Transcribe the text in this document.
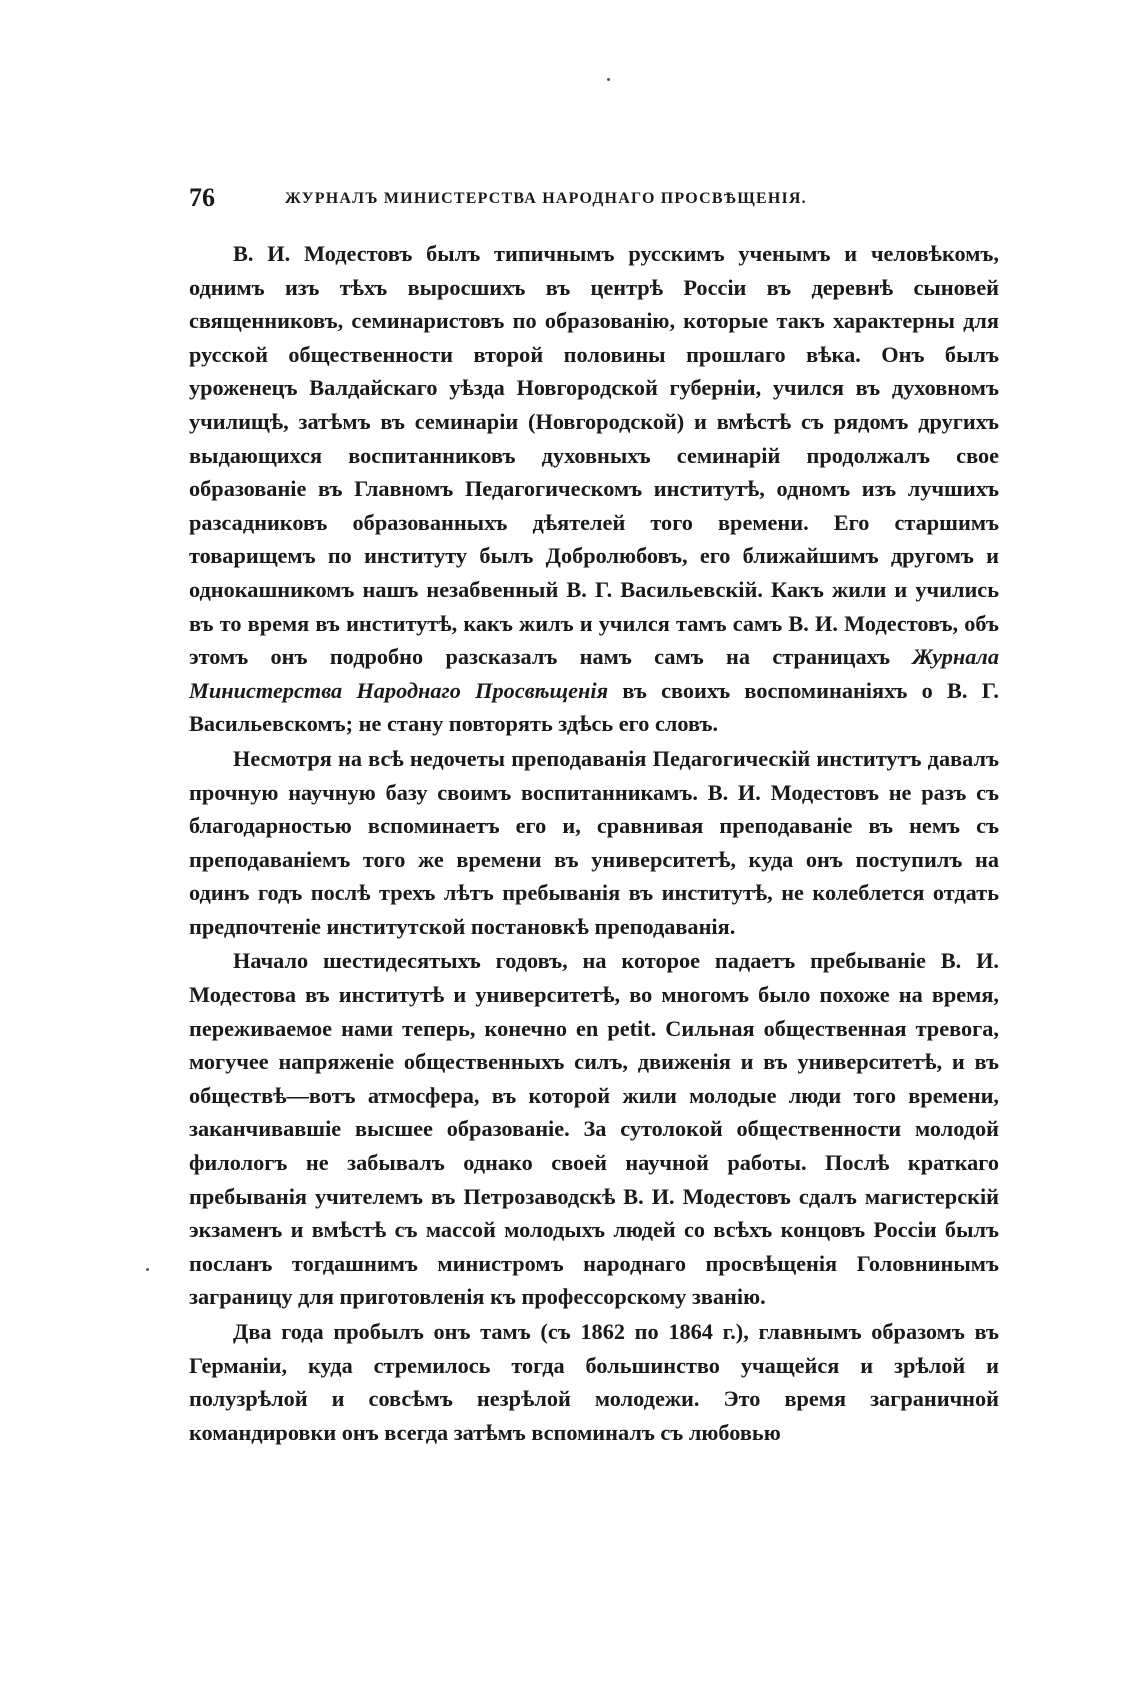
76	ЖУРНАЛЪ МИНИСТЕРСТВА НАРОДНАГО ПРОСВѢЩЕНІЯ.

В. И. Модестовъ былъ типичнымъ русскимъ ученымъ и человѣкомъ, однимъ изъ тѣхъ выросшихъ въ центрѣ Россіи въ деревнѣ сыновей священниковъ, семинаристовъ по образованію, которые такъ характерны для русской общественности второй половины прошлаго вѣка. Онъ былъ уроженецъ Валдайскаго уѣзда Новгородской губерніи, учился въ духовномъ училищѣ, затѣмъ въ семинаріи (Новгородской) и вмѣстѣ съ рядомъ другихъ выдающихся воспитанниковъ духовныхъ семинарій продолжалъ свое образованіе въ Главномъ Педагогическомъ институтѣ, одномъ изъ лучшихъ разсадниковъ образованныхъ дѣятелей того времени. Его старшимъ товарищемъ по институту былъ Добролюбовъ, его ближайшимъ другомъ и однокашникомъ нашъ незабвенный В. Г. Васильевскій. Какъ жили и учились въ то время въ институтѣ, какъ жилъ и учился тамъ самъ В. И. Модестовъ, объ этомъ онъ подробно разсказалъ намъ самъ на страницахъ Журнала Министерства Народнаго Просвѣщенія въ своихъ воспоминаніяхъ о В. Г. Васильевскомъ; не стану повторять здѣсь его словъ.

Несмотря на всѣ недочеты преподаванія Педагогическій институтъ давалъ прочную научную базу своимъ воспитанникамъ. В. И. Модестовъ не разъ съ благодарностью вспоминаетъ его и, сравнивая преподаваніе въ немъ съ преподаваніемъ того же времени въ университетѣ, куда онъ поступилъ на одинъ годъ послѣ трехъ лѣтъ пребыванія въ институтѣ, не колеблется отдать предпочтеніе институтской постановкѣ преподаванія.

Начало шестидесятыхъ годовъ, на которое падаетъ пребываніе В. И. Модестова въ институтѣ и университетѣ, во многомъ было похоже на время, переживаемое нами теперь, конечно en petit. Сильная общественная тревога, могучее напряженіе общественныхъ силъ, движенія и въ университетѣ, и въ обществѣ—вотъ атмосфера, въ которой жили молодые люди того времени, заканчивавшіе высшее образованіе. За сутолокой общественности молодой филологъ не забывалъ однако своей научной работы. Послѣ краткаго пребыванія учителемъ въ Петрозаводскѣ В. И. Модестовъ сдалъ магистерскій экзаменъ и вмѣстѣ съ массой молодыхъ людей со всѣхъ концовъ Россіи былъ посланъ тогдашнимъ министромъ народнаго просвѣщенія Головнинымъ заграницу для приготовленія къ профессорскому званію.

Два года пробылъ онъ тамъ (съ 1862 по 1864 г.), главнымъ образомъ въ Германіи, куда стремилось тогда большинство учащейся и зрѣлой и полузрѣлой и совсѣмъ незрѣлой молодежи. Это время заграничной командировки онъ всегда затѣмъ вспоминалъ съ любовью
